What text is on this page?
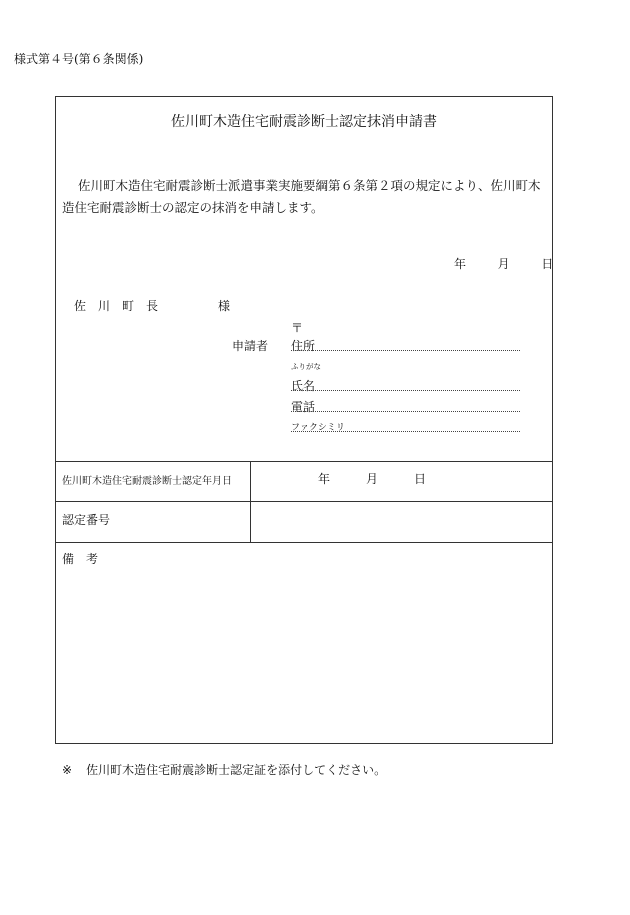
様式第４号(第６条関係)
佐川町木造住宅耐震診断士認定抹消申請書
佐川町木造住宅耐震診断士派遣事業実施要綱第６条第２項の規定により、佐川町木造住宅耐震診断士の認定の抹消を申請します。
年	月	日
佐　川　町　長	様
〒
申請者 住所
ふりがな
氏名
電話
ファクシミリ
佐川町木造住宅耐震診断士認定年月日	年	月	日
認定番号
備　考
※ 佐川町木造住宅耐震診断士認定証を添付してください。
